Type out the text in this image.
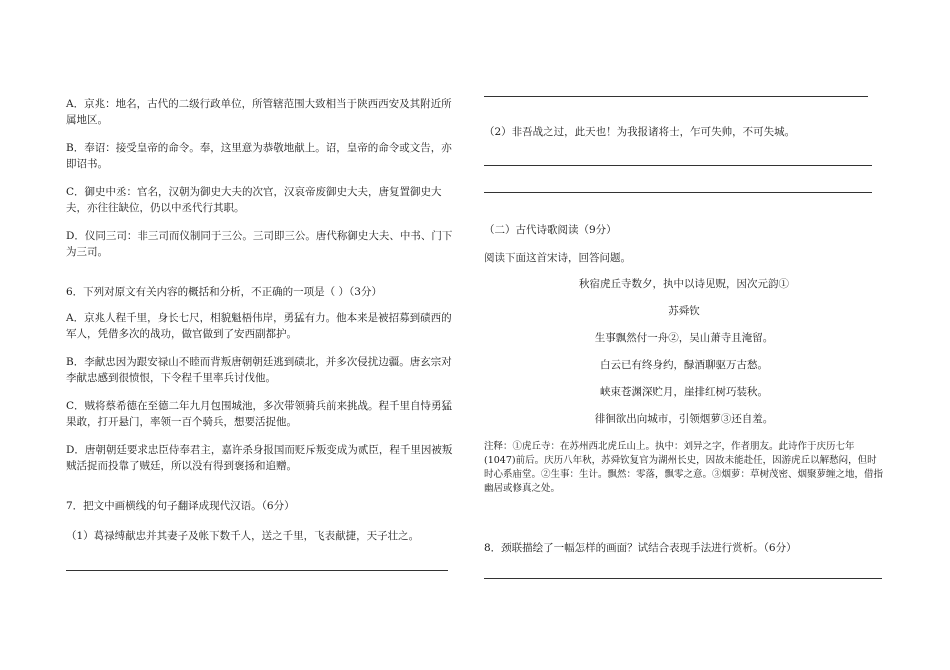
A．京兆：地名，古代的二级行政单位，所管辖范围大致相当于陕西西安及其附近所属地区。

B．奉诏：接受皇帝的命令。奉，这里意为恭敬地献上。诏，皇帝的命令或文告，亦即诏书。

C．御史中丞：官名，汉朝为御史大夫的次官，汉哀帝废御史大夫，唐复置御史大夫，亦往往缺位，仍以中丞代行其职。

D．仪同三司：非三司而仪制同于三公。三司即三公。唐代称御史大夫、中书、门下为三司。

6．下列对原文有关内容的概括和分析，不正确的一项是（ ）（3分）

A．京兆人程千里，身长七尺，相貌魁梧伟岸，勇猛有力。他本来是被招募到碛西的军人，凭借多次的战功，做官做到了安西副都护。

B．李献忠因为跟安禄山不睦而背叛唐朝朝廷逃到碛北，并多次侵扰边疆。唐玄宗对李献忠感到很愤恨，下令程千里率兵讨伐他。

C．贼将蔡希德在至德二年九月包围城池，多次带领骑兵前来挑战。程千里自恃勇猛果敢，打开悬门，率领一百个骑兵，想要活捉他。

D．唐朝朝廷要求忠臣侍奉君主，嘉许杀身报国而贬斥叛变成为贰臣，程千里因被叛贼活捉而投靠了贼廷，所以没有得到褒扬和追赠。

7．把文中画横线的句子翻译成现代汉语。（6分）

（1）葛禄缚献忠并其妻子及帐下数千人，送之千里，飞表献捷，天子壮之。

（2）非吾战之过，此天也！为我报诸将士，乍可失帅，不可失城。

（二）古代诗歌阅读（9分）

阅读下面这首宋诗，回答问题。

秋宿虎丘寺数夕，执中以诗见贶，因次元韵①

苏舜钦

生事飘然付一舟②，吴山萧寺且淹留。

白云已有终身约，醁酒聊驱万古愁。

峡束苍渊深贮月，崖排红树巧装秋。

徘徊欲出向城市，引领烟萝③还自羞。

注释：①虎丘寺：在苏州西北虎丘山上。执中：刘异之字，作者朋友。此诗作于庆历七年(1047)前后。庆历八年秋，苏舜钦复官为湖州长史，因故未能赴任，因游虎丘以解愁闷，但时时心系庙堂。②生事：生计。飘然：零落，飘零之意。③烟萝：草树茂密、烟聚萝缠之地，借指幽居或修真之处。

8．颈联描绘了一幅怎样的画面？试结合表现手法进行赏析。（6分）
